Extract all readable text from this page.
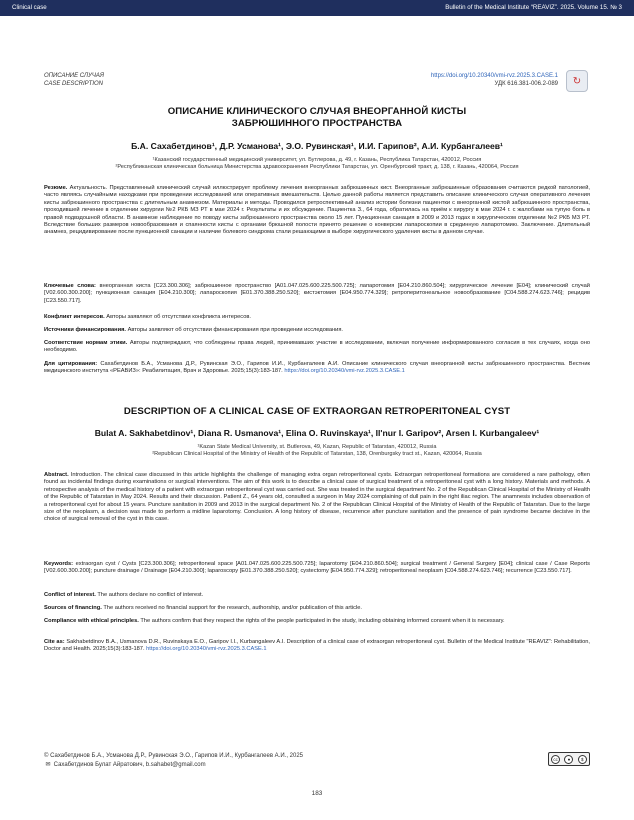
Clinical case	Bulletin of the Medical Institute “REAVIZ”. 2025. Volume 15. № 3
ОПИСАНИЕ СЛУЧАЯ
CASE DESCRIPTION
https://doi.org/10.20340/vmi-rvz.2025.3.CASE.1
УДК 616.381-006.2-089 ↻
ОПИСАНИЕ КЛИНИЧЕСКОГО СЛУЧАЯ ВНЕОРГАННОЙ КИСТЫ
ЗАБРЮШИННОГО ПРОСТРАНСТВА
Б.А. Сахабетдинов¹, Д.Р. Усманова¹, Э.О. Рувинская¹, И.И. Гарипов², А.И. Курбангалеев¹
¹Казанский государственный медицинский университет, ул. Бутлерова, д. 49, г. Казань, Республика Татарстан, 420012, Россия
²Республиканская клиническая больница Министерства здравоохранения Республики Татарстан, ул. Оренбургский тракт, д. 138, г. Казань, 420064, Россия
Резюме. Актуальность. Представленный клинический случай иллюстрирует проблему лечения внеорганных забрюшинных кист. Внеорганные забрюшинные образования считаются редкой патологией, часто являясь случайными находками при проведении исследований или оперативных вмешательств. Целью данной работы является представить описание клинического случая оперативного лечения кисты забрюшинного пространства с длительным анамнезом. Материалы и методы. Проводился ретроспективный анализ истории болезни пациентки с внеорганной кистой забрюшинного пространства, проходившей лечение в отделении хирургии №2 РКБ МЗ РТ в мае 2024 г. Результаты и их обсуждение. Пациентка З., 64 года, обратилась на приём к хирургу в мае 2024 г. с жалобами на тупую боль в правой подвздошной области. В анамнезе наблюдение по поводу кисты забрюшинного пространства около 15 лет. Пункционная санация в 2009 и 2013 годах в хирургическом отделении №2 РКБ МЗ РТ. Вследствие больших размеров новообразования и спаянности кисты с органами брюшной полости принято решение о конверсии лапароскопии в срединную лапаротомию. Заключение. Длительный анамнез, рецидивирование после пункционной санации и наличие болевого синдрома стали решающими в выборе хирургического удаления кисты в данном случае.
Ключевые слова: внеорганная киста [C23.300.306]; забрюшинное пространство [A01.047.025.600.225.500.725]; лапаротомия [E04.210.860.504]; хирургическое лечение [E04]; клинический случай [V02.600.300.200]; пункционная санация [E04.210.300]; лапароскопия [E01.370.388.250.520]; кистэктомия [E04.950.774.329]; ретроперитонеальное новообразование [C04.588.274.623.746]; рецидив [C23.550.717].
Конфликт интересов. Авторы заявляют об отсутствии конфликта интересов.
Источники финансирования. Авторы заявляют об отсутствии финансирования при проведении исследования.
Соответствие нормам этики. Авторы подтверждают, что соблюдены права людей, принимавших участие в исследовании, включая получение информированного согласия в тех случаях, когда оно необходимо.
Для цитирования: Сахабетдинов Б.А., Усманова Д.Р., Рувинская Э.О., Гарипов И.И., Курбангалеев А.И. Описание клинического случая внеорганной кисты забрюшинного пространства. Вестник медицинского института «РЕАВИЗ»: Реабилитация, Врач и Здоровье. 2025;15(3):183-187. https://doi.org/10.20340/vmi-rvz.2025.3.CASE.1
DESCRIPTION OF A CLINICAL CASE OF EXTRAORGAN RETROPERITONEAL CYST
Bulat A. Sakhabetdinov¹, Diana R. Usmanova¹, Elina O. Ruvinskaya¹, Il'nur I. Garipov², Arsen I. Kurbangaleev¹
¹Kazan State Medical University, st. Butlerova, 49, Kazan, Republic of Tatarstan, 420012, Russia
²Republican Clinical Hospital of the Ministry of Health of the Republic of Tatarstan, 138, Orenburgsky tract st., Kazan, 420064, Russia
Abstract. Introduction. The clinical case discussed in this article highlights the challenge of managing extra organ retroperitoneal cysts. Extraorgan retroperitoneal formations are considered a rare pathology, often found as incidental findings during examinations or surgical interventions. The aim of this work is to describe a clinical case of surgical treatment of a retroperitoneal cyst with a long history. Materials and methods. A retrospective analysis of the medical history of a patient with extraorgan retroperitoneal cyst was carried out. She was treated in the surgical department No. 2 of the Republican Clinical Hospital of the Ministry of Health of the Republic of Tatarstan in May 2024. Results and their discussion. Patient Z., 64 years old, consulted a surgeon in May 2024 complaining of dull pain in the right iliac region. The anamnesis includes observation of a retroperitoneal cyst for about 15 years. Puncture sanitation in 2009 and 2013 in the surgical department No. 2 of the Republican Clinical Hospital of the Ministry of Health of the Republic of Tatarstan. Due to the large size of the neoplasm, a decision was made to perform a midline laparotomy. Conclusion. A long history of disease, recurrence after puncture sanitation and the presence of pain syndrome became decisive in the choice of surgical removal of the cyst in this case.
Keywords: extraorgan cyst / Cysts [C23.300.306]; retroperitoneal space [A01.047.025.600.225.500.725]; laparotomy [E04.210.860.504]; surgical treatment / General Surgery [E04]; clinical case / Case Reports [V02.600.300.200]; puncture drainage / Drainage [E04.210.300]; laparoscopy [E01.370.388.250.520]; cystectomy [E04.950.774.329]; retroperitoneal neoplasm [C04.588.274.623.746]; recurrence [C23.550.717].
Conflict of interest. The authors declare no conflict of interest.
Sources of financing. The authors received no financial support for the research, authorship, and/or publication of this article.
Compliance with ethical principles. The authors confirm that they respect the rights of the people participated in the study, including obtaining informed consent when it is necessary.
Cite as: Sakhabetdinov B.A., Usmanova D.R., Ruvinskaya E.O., Garipov I.I., Kurbangaleev A.I. Description of a clinical case of extraorgan retroperitoneal cyst. Bulletin of the Medical Institute "REAVIZ": Rehabilitation, Doctor and Health. 2025;15(3):183-187. https://doi.org/10.20340/vmi-rvz.2025.3.CASE.1
© Сахабетдинов Б.А., Усманова Д.Р., Рувинская Э.О., Гарипов И.И., Курбангалеев А.И., 2025
✉ Сахабетдинов Булат Айратович, b.sahabet@gmail.com
cc	●	$
183
